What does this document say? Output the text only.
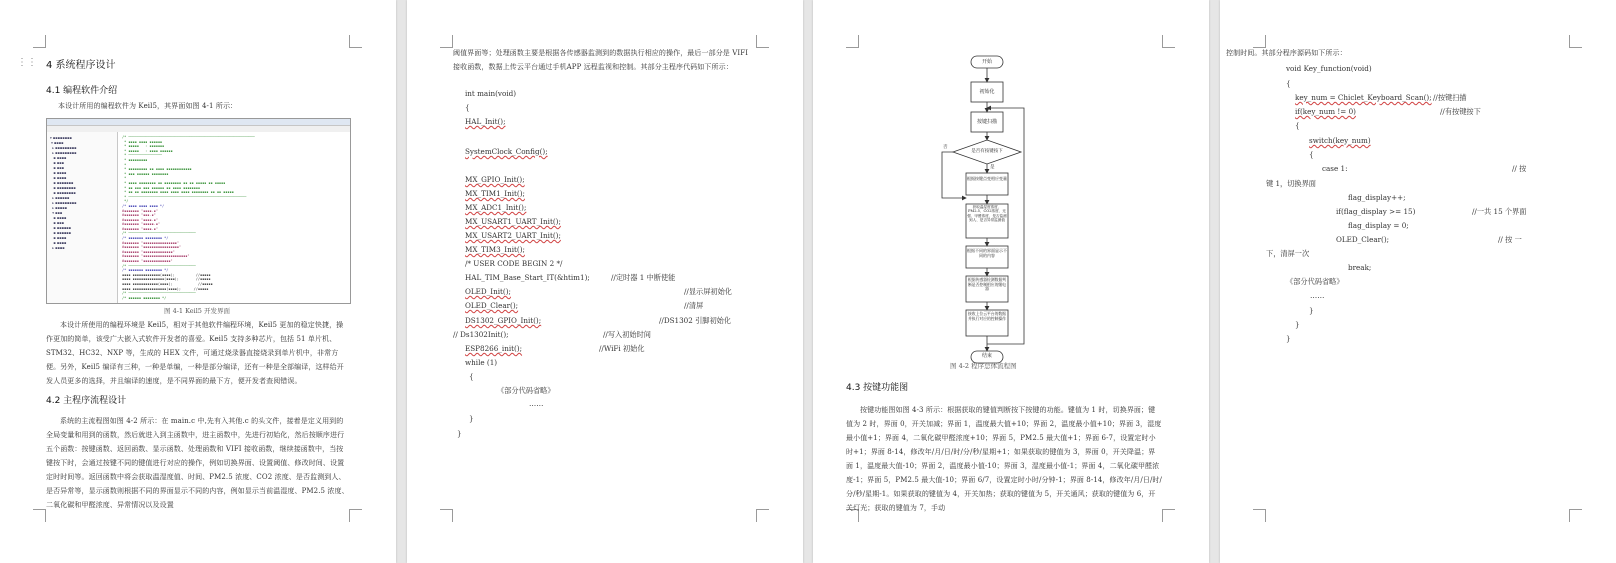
⋮⋮ 4 系统程序设计
4.1 编程软件介绍
本设计所用的编程软件为 Keil5，其界面如图 4-1 所示：
▾ ▪▪▪▪▪▪▪▪
▾ ▪▪▪▪
▸ ▪▪▪▪▪▪▪▪▪
▸ ▪▪▪▪▪▪▪▪▪
▪ ▪▪▪▪
▪ ▪▪▪
▪ ▪▪▪
▪ ▪▪▪▪
▪ ▪▪▪▪
▪ ▪▪▪▪▪▪▪
▪ ▪▪▪▪▪▪▪▪
▪ ▪▪▪▪▪▪▪▪
▸ ▪▪▪▪▪▪
▸ ▪▪▪▪▪▪▪▪▪
▸ ▪▪▪▪▪
▾ ▪▪▪
▪ ▪▪▪▪
▪ ▪▪▪
▪ ▪▪▪▪▪▪
▪ ▪▪▪▪▪▪
▪ ▪▪▪▪
▪ ▪▪▪▪
▸ ▪▪▪▪
/* ────────────────────────────────────────────────────────────
* ▪▪▪▪ ▪▪▪▪ ▪▪▪▪▪▪
* ▪▪▪▪▪   : ▪▪▪▪▪▪▪
* ▪▪▪▪▪   : ▪▪▪▪ ▪▪▪▪▪▪
* ────────────────
* ▪▪▪▪▪▪▪▪▪
*
* ▪▪▪▪▪▪▪▪▪ ▪▪ ▪▪▪▪ ▪▪▪▪▪▪▪▪▪▪▪▪
* ▪▪▪ ▪▪▪▪▪▪ ▪▪▪▪▪▪▪▪
*
* ▪▪▪▪ ▪▪▪▪▪▪▪▪ ▪▪ ▪▪▪▪▪▪▪▪ ▪▪ ▪▪ ▪▪▪▪▪ ▪▪ ▪▪▪▪▪
* ▪▪ ▪▪▪ ▪▪▪ ▪▪▪▪▪▪ ▪▪ ▪▪▪▪ ▪▪▪▪▪▪▪▪
* ▪▪ ▪▪ ▪▪▪▪▪▪▪▪ ▪▪▪▪ ▪▪▪▪ ▪▪▪▪ ▪▪▪▪▪▪▪▪ ▪▪ ▪▪ ▪▪▪▪▪
* ────────────────────────────────────────────────────────
*/
/* ▪▪▪▪ ▪▪▪▪ ▪▪▪▪ */
#▪▪▪▪▪▪▪ "▪▪▪▪.▪"
#▪▪▪▪▪▪▪ "▪▪▪.▪"
#▪▪▪▪▪▪▪ "▪▪▪▪.▪"
#▪▪▪▪▪▪▪ "▪▪▪▪▪.▪"
#▪▪▪▪▪▪▪ "▪▪▪▪.▪"
/* ────────────────────────────────
/* ▪▪▪▪▪▪▪ ▪▪▪▪▪▪▪▪ */
#▪▪▪▪▪▪▪ "▪▪▪▪▪▪▪▪▪▪▪▪▪▪▪▪"
#▪▪▪▪▪▪▪ "▪▪▪▪▪▪▪▪▪▪▪▪▪▪▪▪▪"
#▪▪▪▪▪▪▪ "▪▪▪▪▪▪▪▪▪▪▪▪▪▪"
#▪▪▪▪▪▪▪ "▪▪▪▪▪▪▪▪▪▪▪▪▪▪▪▪▪▪▪▪▪"
#▪▪▪▪▪▪▪ "▪▪▪▪▪▪▪▪▪▪▪▪▪"
/* ────────────────────────────────
/* ▪▪▪▪▪▪▪ ▪▪▪▪▪▪▪▪ */
▪▪▪▪ ▪▪▪▪▪▪▪▪▪▪▪▪▪(▪▪▪▪);          //▪▪▪▪▪
▪▪▪▪ ▪▪▪▪▪▪▪▪▪▪▪▪▪▪▪(▪▪▪▪);        //▪▪▪▪▪
▪▪▪▪ ▪▪▪▪▪▪▪▪▪▪▪▪(▪▪▪▪);            //▪▪▪▪▪
▪▪▪▪ ▪▪▪▪▪▪▪▪▪▪▪▪▪▪▪▪(▪▪▪▪);      //▪▪▪▪▪
/* ────────────────────────────────
/* ▪▪▪▪▪▪ ▪▪▪▪▪▪▪▪ */
图 4-1 Keil5 开发界面
本设计所使用的编程环境是 Keil5，相对于其他软件编程环境，Keil5 更加的稳定快捷，操作更加的简单，该受广大嵌入式软件开发者的喜爱。Keil5 支持多种芯片，包括 51 单片机、STM32、HC32、NXP 等，生成的 HEX 文件，可通过烧录器直接烧录到单片机中，非常方便。另外，Keil5 编译有三种，一种是单编，一种是部分编译，还有一种是全部编译，这样给开发人员更多的选择，并且编译的速度，是不同界面的最下方，便开发者查阅错误。
4.2 主程序流程设计
系统的主流程图如图 4-2 所示：在 main.c 中,先有入其他.c 的头文件，接着是定义用到的全局变量和用到的函数，然后就进入到主函数中，进主函数中，先进行初始化，然后按顺序进行五个函数：按键函数、返回函数、显示函数、处理函数和 VIFI 接收函数，继续接函数中，当按键按下时，会通过按键不同的键值进行对应的操作，例如切换界面、设置阈值、修改时间、设置定时时间等。返回函数中将会获取温湿度值、时间、PM2.5 浓度、CO2 浓度、是否监测到人、是否异常等，显示函数则根据不同的界面显示不同的内容，例如显示当前温湿度、PM2.5 浓度、二氧化碳和甲醛浓度、异常情况以及设置
阈值界面等；处理函数主要是根据各传感器监测到的数据执行相应的操作，最后一部分是 VIFI 接收函数，数据上传云平台通过手机APP 远程监视和控制。其部分主程序代码如下所示：
int main(void)
{
HAL_Init();
SystemClock_Config();
MX_GPIO_Init();
MX_TIM1_Init();
MX_ADC1_Init();
MX_USART1_UART_Init();
MX_USART2_UART_Init();
MX_TIM3_Init();
/* USER CODE BEGIN 2 */
HAL_TIM_Base_Start_IT(&htim1);	//定时器 1 中断使能
OLED_Init();	//显示屏初始化
OLED_Clear();	//清屏
DS1302_GPIO_Init();	//DS1302 引脚初始化
// Ds1302Init();	//写入初始时间
ESP8266_init();	//WiFi 初始化
while (1)
{
《部分代码省略》
……
}
}
开始
初始化
按键扫描
是否有按键按下
是
否
根据按键点变相应变量
获取温湿度浓度、PM2.5、CO2浓度、光强、甲醛浓度、是否监测到人、是否异常监测值
根据不同的界面显示不同的内容
根据传感器检测数据判断是否控制相应的继电器
接收上位云平台的数据并执行对应的控制操作
结束
图 4-2 程序总体流程图
4.3 按键功能图
按键功能图如图 4-3 所示：根据获取的键值判断按下按键的功能。键值为 1 时，切换界面；键值为 2 时，界面 0，开关加减；界面 1，温度最大值+10；界面 2，温度最小值+10；界面 3，湿度最小值+1；界面 4，二氧化碳甲醛浓度+10；界面 5，PM2.5 最大值+1；界面 6-7，设置定时小时+1；界面 8-14，修改年/月/日/时/分/秒/星期+1；如果获取的键值为 3，界面 0，开关降温；界面 1，温度最大值-10；界面 2，温度最小值-10；界面 3，湿度最小值-1；界面 4，二氧化碳甲醛浓度-1；界面 5，PM2.5 最大值-10；界面 6/7，设置定时小时/分钟-1；界面 8-14，修改年/月/日/时/分/秒/星期-1。如果获取的键值为 4，开关加热；获取的键值为 5，开关通风；获取的键值为 6，开关灯光；获取的键值为 7，手动
控制时间。其部分程序源码如下所示：
void Key_function(void)
{
key_num = Chiclet_Keyboard_Scan(); //按键扫描
if(key_num != 0)	//有按键按下
{
switch(key_num)
{
case 1:	// 按
键 1，切换界面
flag_display++;
if(flag_display >= 15)	//一共 15 个界面
flag_display = 0;
OLED_Clear();	// 按 一
下，清屏一次
break;
《部分代码省略》
……
}
}
}
